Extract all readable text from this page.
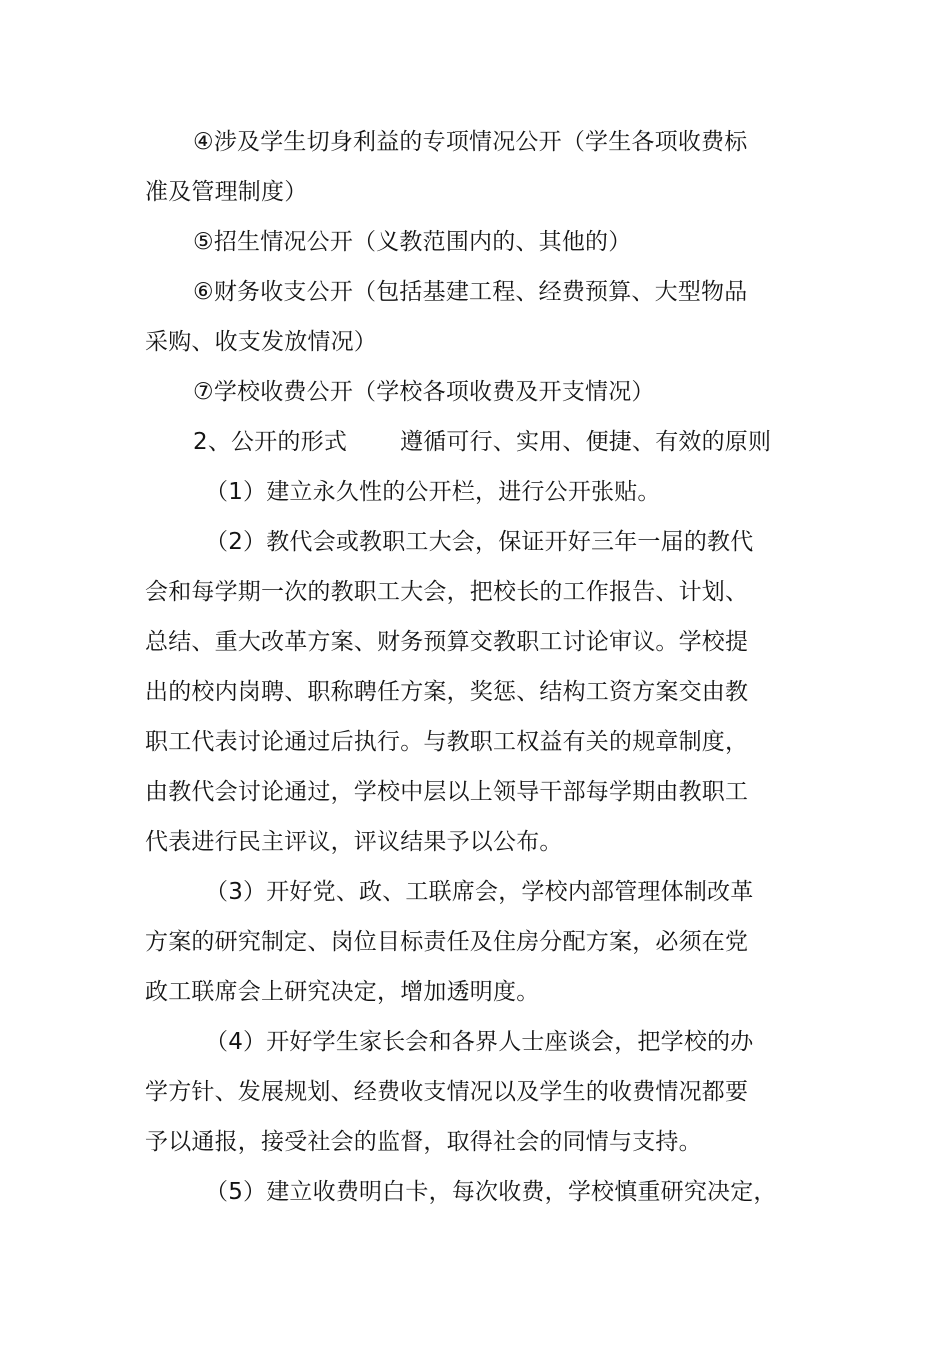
④涉及学生切身利益的专项情况公开（学生各项收费标
准及管理制度）
⑤招生情况公开（义教范围内的、其他的）
⑥财务收支公开（包括基建工程、经费预算、大型物品
采购、收支发放情况）
⑦学校收费公开（学校各项收费及开支情况）
2、公开的形式 遵循可行、实用、便捷、有效的原则
（1）建立永久性的公开栏，进行公开张贴。
（2）教代会或教职工大会，保证开好三年一届的教代
会和每学期一次的教职工大会，把校长的工作报告、计划、
总结、重大改革方案、财务预算交教职工讨论审议。学校提
出的校内岗聘、职称聘任方案，奖惩、结构工资方案交由教
职工代表讨论通过后执行。与教职工权益有关的规章制度，
由教代会讨论通过，学校中层以上领导干部每学期由教职工
代表进行民主评议，评议结果予以公布。
（3）开好党、政、工联席会，学校内部管理体制改革
方案的研究制定、岗位目标责任及住房分配方案，必须在党
政工联席会上研究决定，增加透明度。
（4）开好学生家长会和各界人士座谈会，把学校的办
学方针、发展规划、经费收支情况以及学生的收费情况都要
予以通报，接受社会的监督，取得社会的同情与支持。
（5）建立收费明白卡，每次收费，学校慎重研究决定，
